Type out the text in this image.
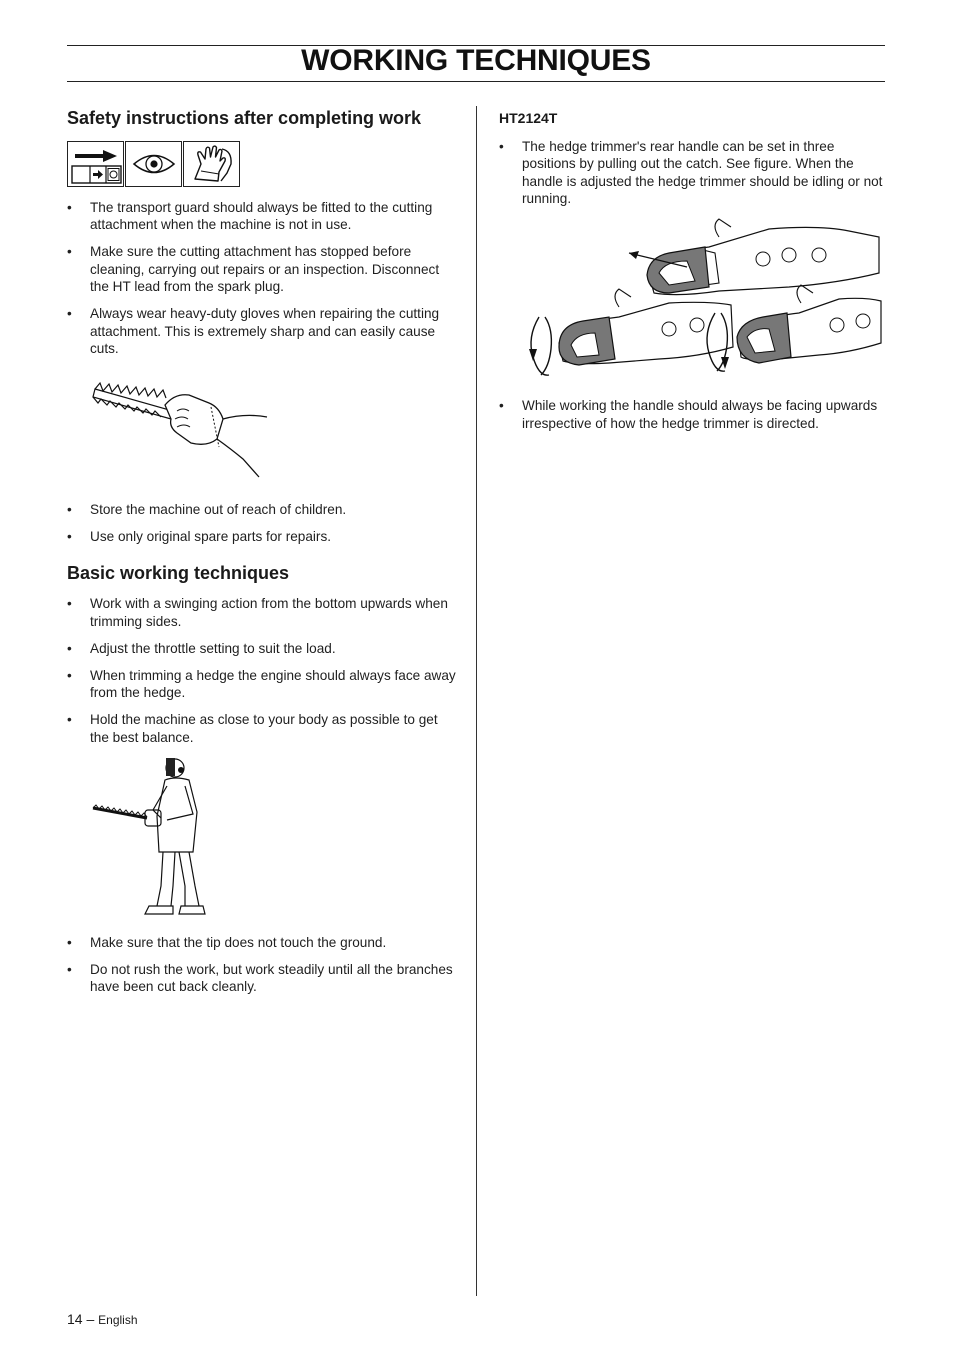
WORKING TECHNIQUES
Safety instructions after completing work
• The transport guard should always be fitted to the cutting attachment when the machine is not in use.
• Make sure the cutting attachment has stopped before cleaning, carrying out repairs or an inspection. Disconnect the HT lead from the spark plug.
• Always wear heavy-duty gloves when repairing the cutting attachment. This is extremely sharp and can easily cause cuts.
• Store the machine out of reach of children.
• Use only original spare parts for repairs.
Basic working techniques
• Work with a swinging action from the bottom upwards when trimming sides.
• Adjust the throttle setting to suit the load.
• When trimming a hedge the engine should always face away from the hedge.
• Hold the machine as close to your body as possible to get the best balance.
• Make sure that the tip does not touch the ground.
• Do not rush the work, but work steadily until all the branches have been cut back cleanly.
HT2124T
• The hedge trimmer's rear handle can be set in three positions by pulling out the catch. See figure. When the handle is adjusted the hedge trimmer should be idling or not running.
• While working the handle should always be facing upwards irrespective of how the hedge trimmer is directed.
14 – English
